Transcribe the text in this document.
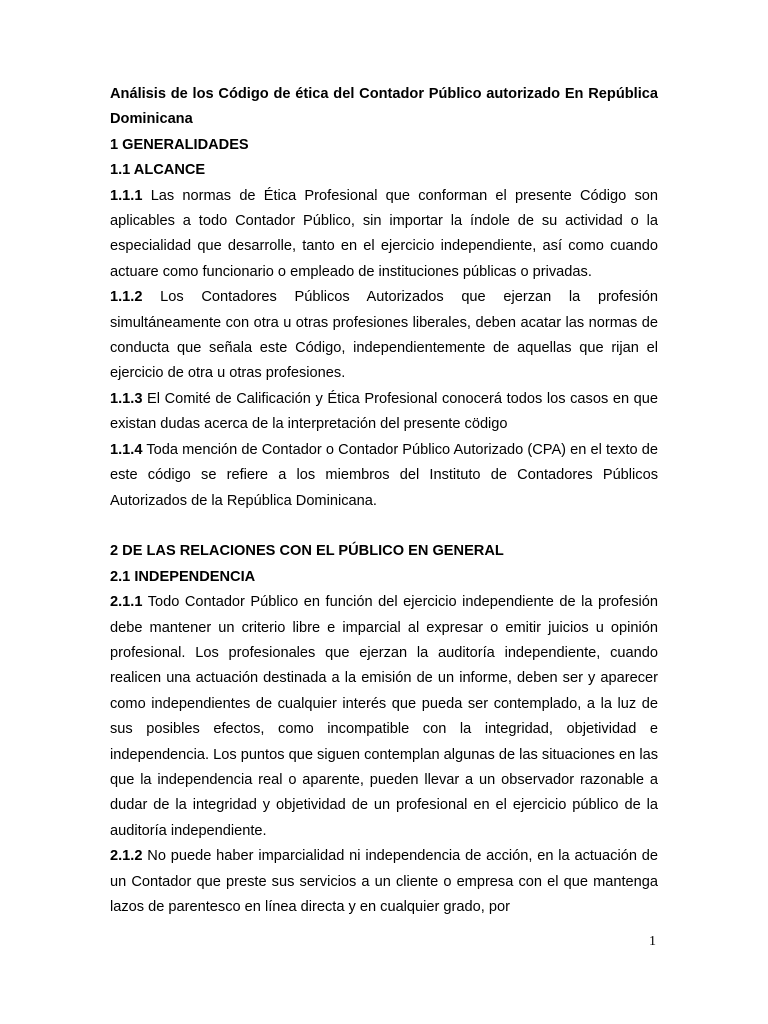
Análisis de los Código de ética del Contador Público autorizado En República Dominicana

1 GENERALIDADES

1.1 ALCANCE

1.1.1 Las normas de Ética Profesional que conforman el presente Código son aplicables a todo Contador Público, sin importar la índole de su actividad o la especialidad que desarrolle, tanto en el ejercicio independiente, así como cuando actuare como funcionario o empleado de instituciones públicas o privadas.

1.1.2 Los Contadores Públicos Autorizados que ejerzan la profesión simultáneamente con otra u otras profesiones liberales, deben acatar las normas de conducta que señala este Código, independientemente de aquellas que rijan el ejercicio de otra u otras profesiones.

1.1.3 El Comité de Calificación y Ética Profesional conocerá todos los casos en que existan dudas acerca de la interpretación del presente cödigo

1.1.4 Toda mención de Contador o Contador Público Autorizado (CPA) en el texto de este código se refiere a los miembros del Instituto de Contadores Públicos Autorizados de la República Dominicana.

2 DE LAS RELACIONES CON EL PÚBLICO EN GENERAL

2.1 INDEPENDENCIA

2.1.1 Todo Contador Público en función del ejercicio independiente de la profesión debe mantener un criterio libre e imparcial al expresar o emitir juicios u opinión profesional. Los profesionales que ejerzan la auditoría independiente, cuando realicen una actuación destinada a la emisión de un informe, deben ser y aparecer como independientes de cualquier interés que pueda ser contemplado, a la luz de sus posibles efectos, como incompatible con la integridad, objetividad e independencia. Los puntos que siguen contemplan algunas de las situaciones en las que la independencia real o aparente, pueden llevar a un observador razonable a dudar de la integridad y objetividad de un profesional en el ejercicio público de la auditoría independiente.

2.1.2 No puede haber imparcialidad ni independencia de acción, en la actuación de un Contador que preste sus servicios a un cliente o empresa con el que mantenga lazos de parentesco en línea directa y en cualquier grado, por

1
